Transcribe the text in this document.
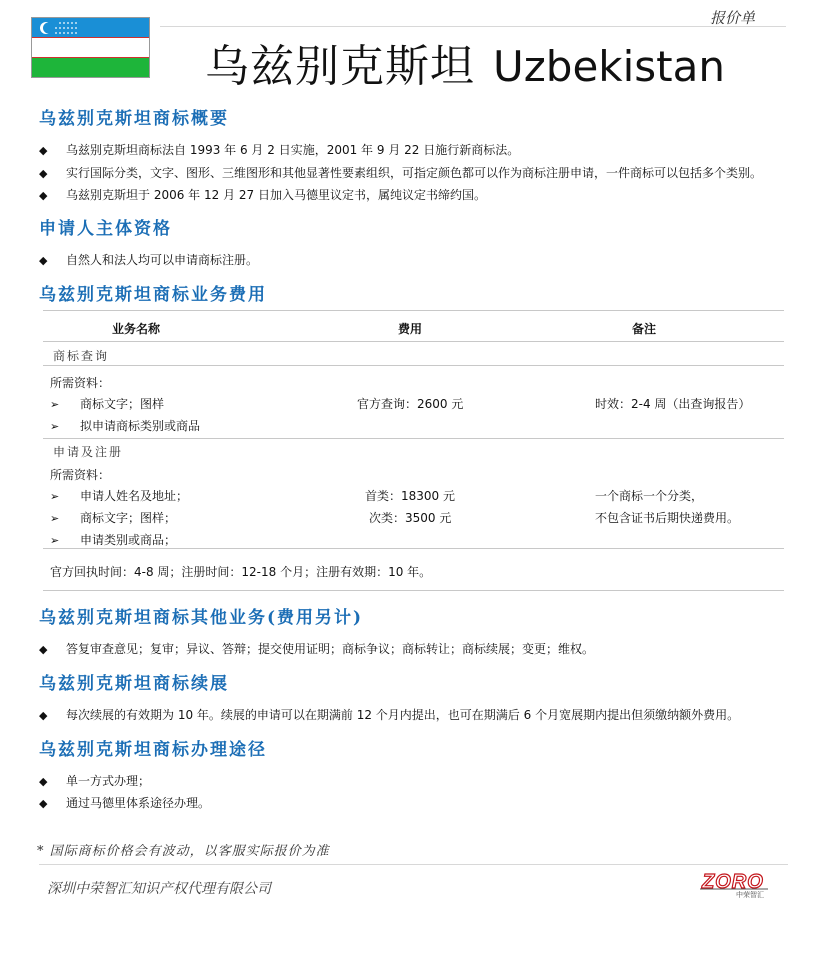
报价单
乌兹别克斯坦 Uzbekistan
乌兹别克斯坦商标概要
◆ 乌兹别克斯坦商标法自 1993 年 6 月 2 日实施，2001 年 9 月 22 日施行新商标法。
◆ 实行国际分类，文字、图形、三维图形和其他显著性要素组织，可指定颜色都可以作为商标注册申请，一件商标可以包括多个类别。
◆ 乌兹别克斯坦于 2006 年 12 月 27 日加入马德里议定书，属纯议定书缔约国。
申请人主体资格
◆ 自然人和法人均可以申请商标注册。
乌兹别克斯坦商标业务费用
业务名称	费用	备注
商标查询
所需资料：
➢ 商标文字；图样	官方查询：2600 元	时效：2-4 周（出查询报告）
➢ 拟申请商标类别或商品
申请及注册
所需资料：
➢ 申请人姓名及地址；	首类：18300 元	一个商标一个分类，
➢ 商标文字；图样；	次类：3500 元	不包含证书后期快递费用。
➢ 申请类别或商品；
官方回执时间：4-8 周；注册时间：12-18 个月；注册有效期：10 年。
乌兹别克斯坦商标其他业务(费用另计)
◆ 答复审查意见；复审；异议、答辩；提交使用证明；商标争议；商标转让；商标续展；变更；维权。
乌兹别克斯坦商标续展
◆ 每次续展的有效期为 10 年。续展的申请可以在期满前 12 个月内提出，也可在期满后 6 个月宽展期内提出但须缴纳额外费用。
乌兹别克斯坦商标办理途径
◆ 单一方式办理；
◆ 通过马德里体系途径办理。
* 国际商标价格会有波动，以客服实际报价为准
深圳中荣智汇知识产权代理有限公司	ZORO
中荣智汇
